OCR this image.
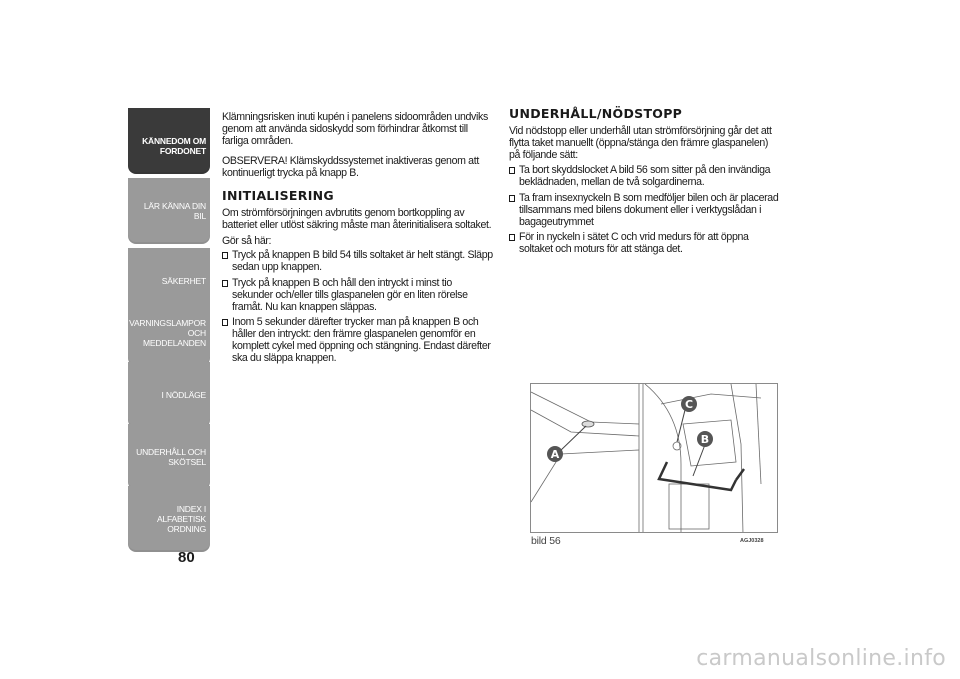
KÄNNEDOM OM
FORDONET
LÄR KÄNNA DIN BIL
SÄKERHET
VARNINGSLAMPOR
OCH MEDDELANDEN
I NÖDLÄGE
UNDERHÅLL OCH
SKÖTSEL
INDEX I ALFABETISK
ORDNING
80

Klämningsrisken inuti kupén i panelens sidoområden undviks genom att använda sidoskydd som förhindrar åtkomst till farliga områden.

OBSERVERA! Klämskyddssystemet inaktiveras genom att kontinuerligt trycka på knapp B.

INITIALISERING

Om strömförsörjningen avbrutits genom bortkoppling av batteriet eller utlöst säkring måste man återinitialisera soltaket.

Gör så här:

Tryck på knappen B bild 54 tills soltaket är helt stängt. Släpp sedan upp knappen.
Tryck på knappen B och håll den intryckt i minst tio sekunder och/eller tills glaspanelen gör en liten rörelse framåt. Nu kan knappen släppas.
Inom 5 sekunder därefter trycker man på knappen B och håller den intryckt: den främre glaspanelen genomför en komplett cykel med öppning och stängning. Endast därefter ska du släppa knappen.
UNDERHÅLL/NÖDSTOPP

Vid nödstopp eller underhåll utan strömförsörjning går det att flytta taket manuellt (öppna/stänga den främre glaspanelen) på följande sätt:

Ta bort skyddslocket A bild 56 som sitter på den invändiga beklädnaden, mellan de två solgardinerna.
Ta fram insexnyckeln B som medföljer bilen och är placerad tillsammans med bilens dokument eller i verktygslådan i bagageutrymmet
För in nyckeln i sätet C och vrid medurs för att öppna soltaket och moturs för att stänga det.
A
C
B
bild 56	AGJ0328
carmanualsonline.info
